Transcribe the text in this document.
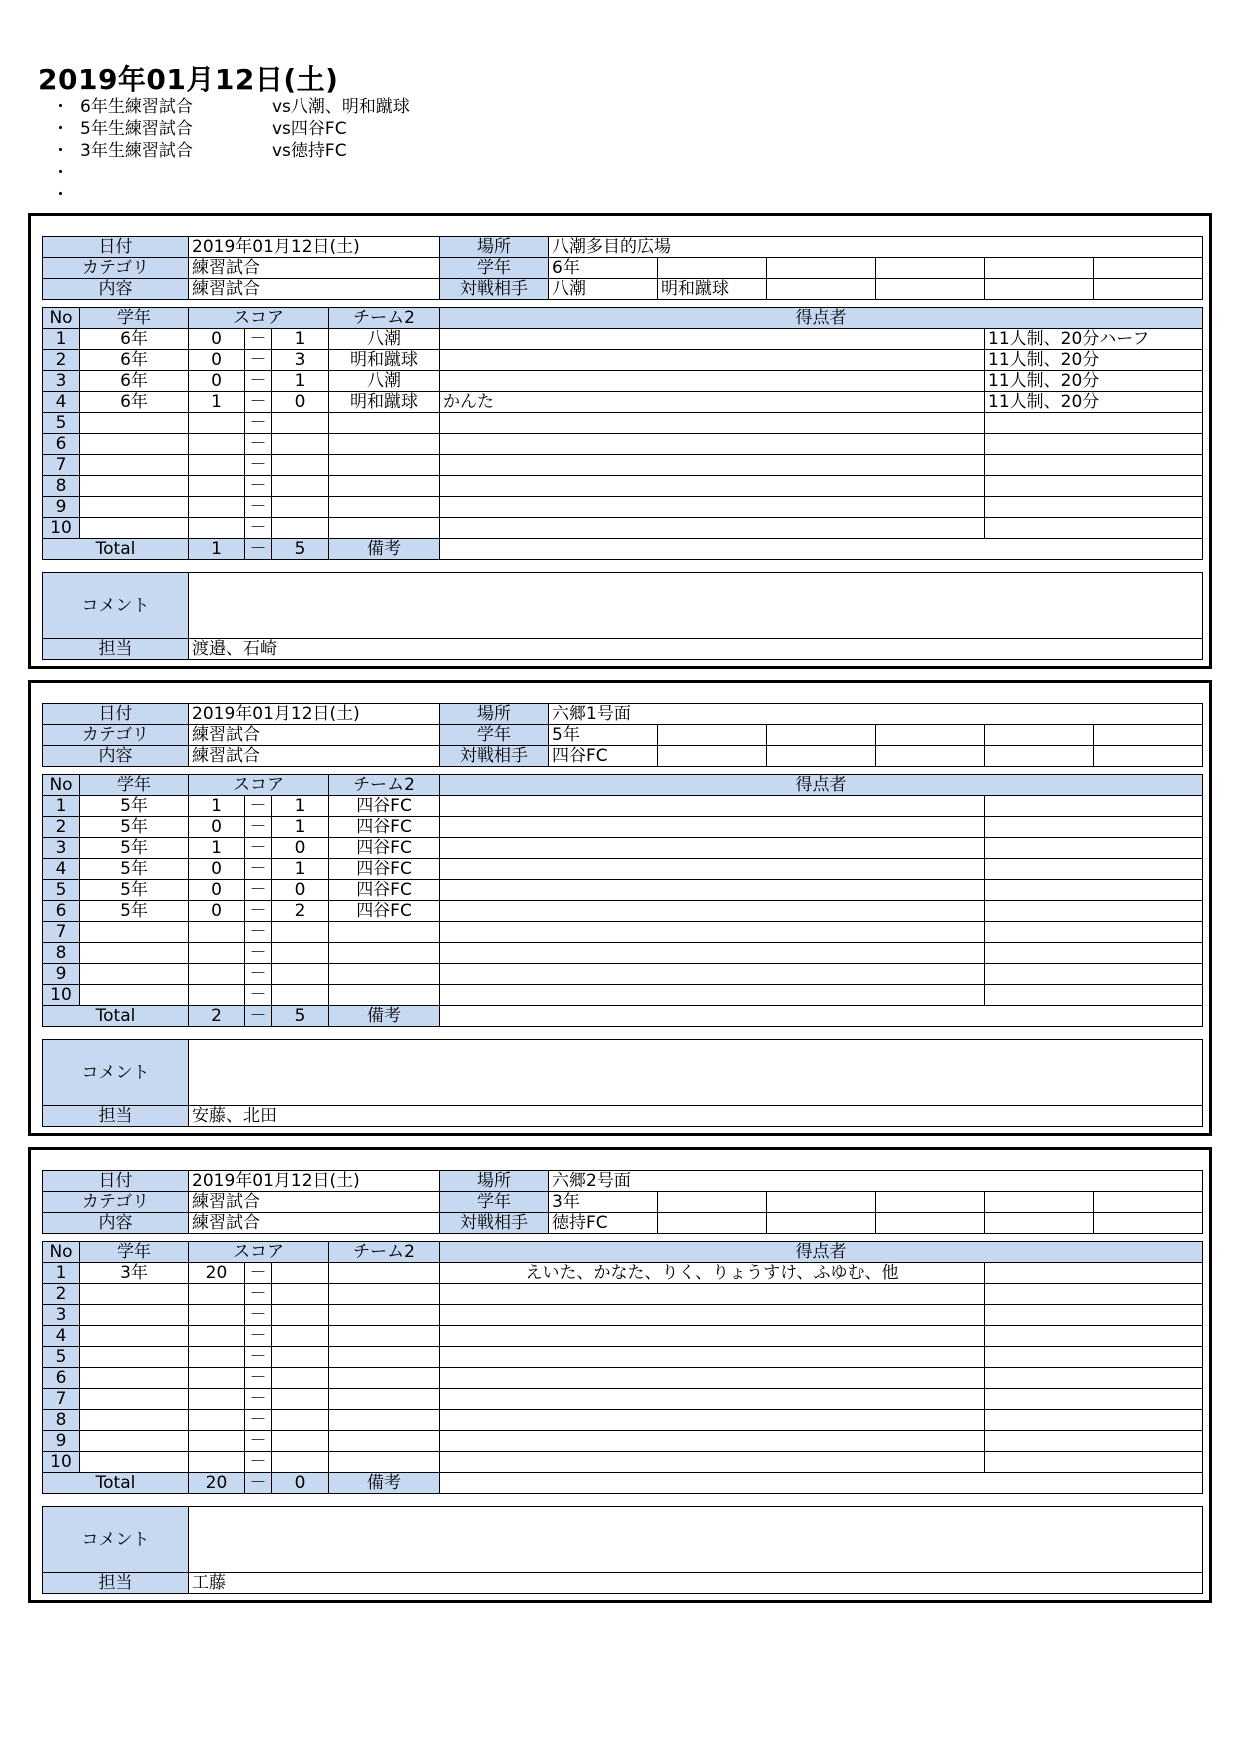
2019年01月12日(土)
・ 6年生練習試合	vs八潮、明和蹴球
・ 5年生練習試合	vs四谷FC
・ 3年生練習試合	vs徳持FC
・
・
日付	2019年01月12日(土)	場所	八潮多目的広場					
カテゴリ	練習試合	学年	6年					
内容	練習試合	対戦相手	八潮	明和蹴球				
No	学年	スコア			チーム2	得点者	
1	6年	0	－	1	八潮		11人制、20分ハーフ
2	6年	0	－	3	明和蹴球		11人制、20分
3	6年	0	－	1	八潮		11人制、20分
4	6年	1	－	0	明和蹴球	かんた	11人制、20分
5			－				
6			－				
7			－				
8			－				
9			－				
10			－				
Total		1	－	5	備考		
コメント	
担当	渡邉、石崎
日付	2019年01月12日(土)	場所	六郷1号面					
カテゴリ	練習試合	学年	5年					
内容	練習試合	対戦相手	四谷FC					
No	学年	スコア			チーム2	得点者	
1	5年	1	－	1	四谷FC		
2	5年	0	－	1	四谷FC		
3	5年	1	－	0	四谷FC		
4	5年	0	－	1	四谷FC		
5	5年	0	－	0	四谷FC		
6	5年	0	－	2	四谷FC		
7			－				
8			－				
9			－				
10			－				
Total		2	－	5	備考		
コメント	
担当	安藤、北田
日付	2019年01月12日(土)	場所	六郷2号面					
カテゴリ	練習試合	学年	3年					
内容	練習試合	対戦相手	徳持FC					
No	学年	スコア			チーム2	得点者	
1	3年	20	－			えいた、かなた、りく、りょうすけ、ふゆむ、他	
2			－				
3			－				
4			－				
5			－				
6			－				
7			－				
8			－				
9			－				
10			－				
Total		20	－	0	備考		
コメント	
担当	工藤
